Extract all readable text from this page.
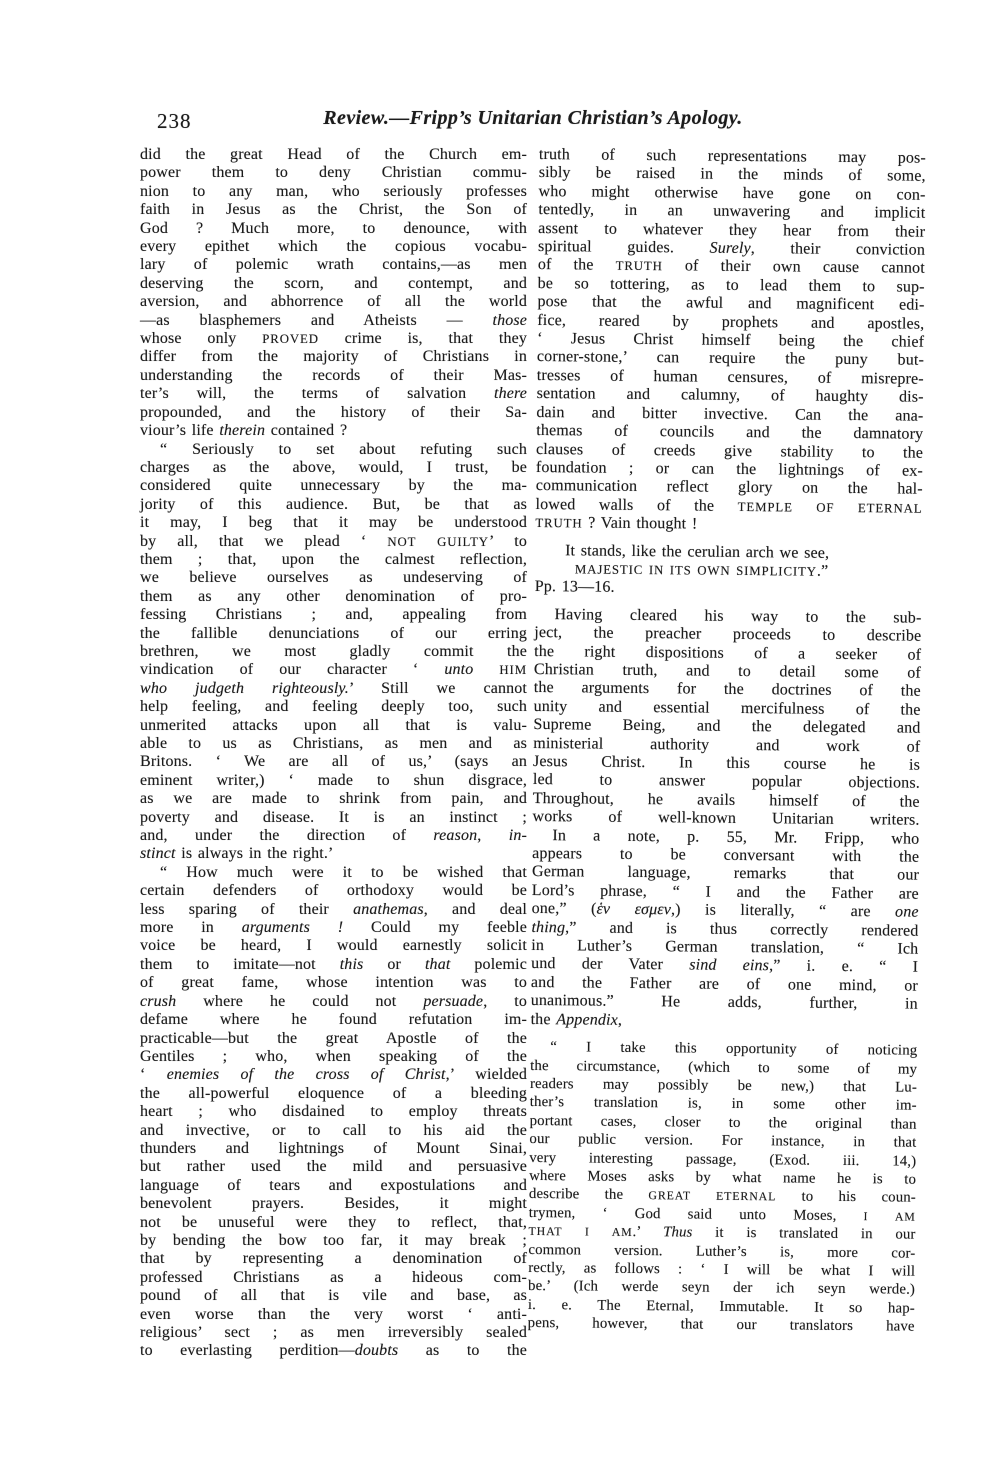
238	Review.—Fripp’s Unitarian Christian’s Apology.
did the great Head of the Church em-
power them to deny Christian commu-
nion to any man, who seriously professes
faith in Jesus as the Christ, the Son of
God ? Much more, to denounce, with
every epithet which the copious vocabu-
lary of polemic wrath contains,—as men
deserving the scorn, and contempt, and
aversion, and abhorrence of all the world
—as blasphemers and Atheists — those
whose only PROVED crime is, that they
differ from the majority of Christians in
understanding the records of their Mas-
ter’s will, the terms of salvation there
propounded, and the history of their Sa-
viour’s life therein contained ?
“ Seriously to set about refuting such
charges as the above, would, I trust, be
considered quite unnecessary by the ma-
jority of this audience. But, be that as
it may, I beg that it may be understood
by all, that we plead ‘ NOT GUILTY’ to
them ; that, upon the calmest reflection,
we believe ourselves as undeserving of
them as any other denomination of pro-
fessing Christians ; and, appealing from
the fallible denunciations of our erring
brethren, we most gladly commit the
vindication of our character ‘ unto HIM
who judgeth righteously.’ Still we cannot
help feeling, and feeling deeply too, such
unmerited attacks upon all that is valu-
able to us as Christians, as men and as
Britons. ‘ We are all of us,’ (says an
eminent writer,) ‘ made to shun disgrace,
as we are made to shrink from pain, and
poverty and disease. It is an instinct ;
and, under the direction of reason, in-
stinct is always in the right.’
“ How much were it to be wished that
certain defenders of orthodoxy would be
less sparing of their anathemas, and deal
more in arguments ! Could my feeble
voice be heard, I would earnestly solicit
them to imitate—not this or that polemic
of great fame, whose intention was to
crush where he could not persuade, to
defame where he found refutation im-
practicable—but the great Apostle of the
Gentiles ; who, when speaking of the
‘ enemies of the cross of Christ,’ wielded
the all-powerful eloquence of a bleeding
heart ; who disdained to employ threats
and invective, or to call to his aid the
thunders and lightnings of Mount Sinai,
but rather used the mild and persuasive
language of tears and expostulations and
benevolent prayers. Besides, it might
not be unuseful were they to reflect, that,
by bending the bow too far, it may break ;
that by representing a denomination of
professed Christians as a hideous com-
pound of all that is vile and base, as
even worse than the very worst ‘ anti-
religious’ sect ; as men irreversibly sealed
to everlasting perdition—doubts as to the
truth of such representations may pos-
sibly be raised in the minds of some,
who might otherwise have gone on con-
tentedly, in an unwavering and implicit
assent to whatever they hear from their
spiritual guides. Surely, their conviction
of the TRUTH of their own cause cannot
be so tottering, as to lead them to sup-
pose that the awful and magnificent edi-
fice, reared by prophets and apostles,
‘ Jesus Christ himself being the chief
corner-stone,’ can require the puny but-
tresses of human censures, of misrepre-
sentation and calumny, of haughty dis-
dain and bitter invective. Can the ana-
themas of councils and the damnatory
clauses of creeds give stability to the
foundation ; or can the lightnings of ex-
communication reflect glory on the hal-
lowed walls of the TEMPLE OF ETERNAL
TRUTH ? Vain thought !
It stands, like the cerulian arch we see,
MAJESTIC IN ITS OWN SIMPLICITY.”
Pp. 13—16.
Having cleared his way to the sub-
ject, the preacher proceeds to describe
the right dispositions of a seeker of
Christian truth, and to detail some of
the arguments for the doctrines of the
unity and essential mercifulness of the
Supreme Being, and the delegated and
ministerial authority and work of
Jesus Christ. In this course he is
led to answer popular objections.
Throughout, he avails himself of the
works of well-known Unitarian writers.
In a note, p. 55, Mr. Fripp, who
appears to be conversant with the
German language, remarks that our
Lord’s phrase, “ I and the Father are
one,” (ἑν εσμεν,) is literally, “ are one
thing,” and is thus correctly rendered
in Luther’s German translation, “ Ich
und der Vater sind eins,” i. e. “ I
and the Father are of one mind, or
unanimous.” He adds, further, in
the Appendix,
“ I take this opportunity of noticing
the circumstance, (which to some of my
readers may possibly be new,) that Lu-
ther’s translation is, in some other im-
portant cases, closer to the original than
our public version. For instance, in that
very interesting passage, (Exod. iii. 14,)
where Moses asks by what name he is to
describe the GREAT ETERNAL to his coun-
trymen, ‘ God said unto Moses, I AM
THAT I AM.’ Thus it is translated in our
common version. Luther’s is, more cor-
rectly, as follows : ‘ I will be what I will
be.’ (Ich werde seyn der ich seyn werde.)
i. e. The Eternal, Immutable. It so hap-
pens, however, that our translators have
